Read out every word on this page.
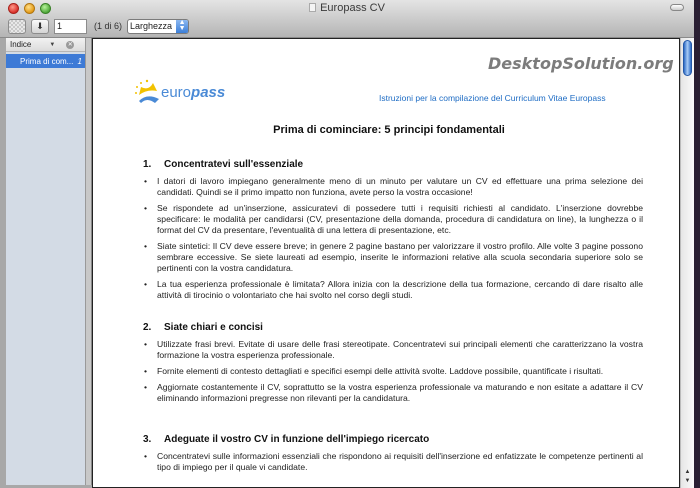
Europass CV
⬇
1	(1 di 6) Larghezza ▲
▼
Indice	▼ ✕
Prima di com... 1	DesktopSolution.org
europass	Istruzioni per la compilazione del Curriculum Vitae Europass
Prima di cominciare: 5 principi fondamentali
1.	Concentratevi sull'essenziale
• I datori di lavoro impiegano generalmente meno di un minuto per valutare un CV ed effettuare una prima selezione dei candidati. Quindi se il primo impatto non funziona, avete perso la vostra occasione!
• Se rispondete ad un'inserzione, assicuratevi di possedere tutti i requisiti richiesti al candidato. L'inserzione dovrebbe specificare: le modalità per candidarsi (CV, presentazione della domanda, procedura di candidatura on line), la lunghezza o il format del CV da presentare, l'eventualità di una lettera di presentazione, etc.
• Siate sintetici: Il CV deve essere breve; in genere 2 pagine bastano per valorizzare il vostro profilo. Alle volte 3 pagine possono sembrare eccessive. Se siete laureati ad esempio, inserite le informazioni relative alla scuola secondaria superiore solo se pertinenti con la vostra candidatura.
• La tua esperienza professionale è limitata? Allora inizia con la descrizione della tua formazione, cercando di dare risalto alle attività di tirocinio o volontariato che hai svolto nel corso degli studi.
2.	Siate chiari e concisi
• Utilizzate frasi brevi. Evitate di usare delle frasi stereotipate. Concentratevi sui principali elementi che caratterizzano la vostra formazione la vostra esperienza professionale.
• Fornite elementi di contesto dettagliati e specifici esempi delle attività svolte. Laddove possibile, quantificate i risultati.
• Aggiornate costantemente il CV, soprattutto se la vostra esperienza professionale va maturando e non esitate a adattare il CV eliminando informazioni pregresse non rilevanti per la candidatura.
3.	Adeguate il vostro CV in funzione dell'impiego ricercato
• Concentratevi sulle informazioni essenziali che rispondono ai requisiti dell'inserzione ed enfatizzate le competenze pertinenti al tipo di impiego per il quale vi candidate.	▲
▼
